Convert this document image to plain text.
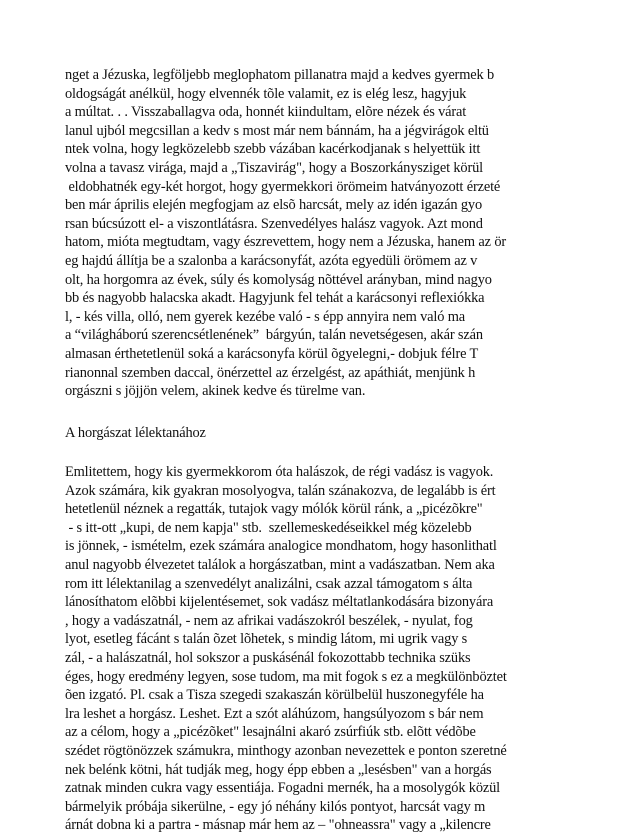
nget a Jézuska, legföljebb meglophatom pillanatra majd a kedves gyermek b
oldogságát anélkül, hogy elvennék tõle valamit, ez is elég lesz, hagyjuk
a múltat. . . Visszaballagva oda, honnét kiindultam, elõre nézek és várat
lanul ujból megcsillan a kedv s most már nem bánnám, ha a jégvirágok eltü
ntek volna, hogy legközelebb szebb vázában kacérkodjanak s helyettük itt
volna a tavasz virága, majd a „Tiszavirág", hogy a Boszorkánysziget körül
eldobhatnék egy-két horgot, hogy gyermekkori örömeim hatványozott érzeté
ben már április elején megfogjam az elsõ harcsát, mely az idén igazán gyo
rsan búcsúzott el- a viszontlátásra. Szenvedélyes halász vagyok. Azt mond
hatom, mióta megtudtam, vagy észrevettem, hogy nem a Jézuska, hanem az ör
eg hajdú állítja be a szalonba a karácsonyfát, azóta egyedüli örömem az v
olt, ha horgomra az évek, súly és komolyság nõttével arányban, mind nagyo
bb és nagyobb halacska akadt. Hagyjunk fel tehát a karácsonyi reflexiókka
l, - kés villa, olló, nem gyerek kezébe való - s épp annyira nem való ma
a “világháború szerencsétlenének”  bárgyún, talán nevetségesen, akár szán
almasan érthetetlenül soká a karácsonyfa körül õgyelegni,- dobjuk félre T
rianonnal szemben daccal, önérzettel az érzelgést, az apáthiát, menjünk h
orgászni s jöjjön velem, akinek kedve és türelme van.
A horgászat lélektanához
Emlitettem, hogy kis gyermekkorom óta halászok, de régi vadász is vagyok.
Azok számára, kik gyakran mosolyogva, talán szánakozva, de legalább is ért
hetetlenül néznek a regatták, tutajok vagy mólók körül ránk, a „picézõkre"
- s itt-ott „kupi, de nem kapja" stb.  szellemeskedéseikkel még közelebb
is jönnek, - ismételm, ezek számára analogice mondhatom, hogy hasonlithatl
anul nagyobb élvezetet találok a horgászatban, mint a vadászatban. Nem aka
rom itt lélektanilag a szenvedélyt analizálni, csak azzal támogatom s álta
lánosíthatom elõbbi kijelentésemet, sok vadász méltatlankodására bizonyára
, hogy a vadászatnál, - nem az afrikai vadászokról beszélek, - nyulat, fog
lyot, esetleg fácánt s talán õzet lõhetek, s mindig látom, mi ugrik vagy s
zál, - a halászatnál, hol sokszor a puskásénál fokozottabb technika szüks
éges, hogy eredmény legyen, sose tudom, ma mit fogok s ez a megkülönböztet
õen izgató. Pl. csak a Tisza szegedi szakaszán körülbelül huszonegyféle ha
lra leshet a horgász. Leshet. Ezt a szót aláhúzom, hangsúlyozom s bár nem
az a célom, hogy a „picézõket" lesajnálni akaró zsúrfiúk stb. elõtt védõbe
szédet rögtönözzek számukra, minthogy azonban nevezettek e ponton szeretné
nek belénk kötni, hát tudják meg, hogy épp ebben a „lesésben" van a horgás
zatnak minden cukra vagy essentiája. Fogadni mernék, ha a mosolygók közül
bármelyik próbája sikerülne, - egy jó néhány kilós pontyot, harcsát vagy m
árnát dobna ki a partra - másnap már hem az – "ohneassra" vagy a „kilencre
